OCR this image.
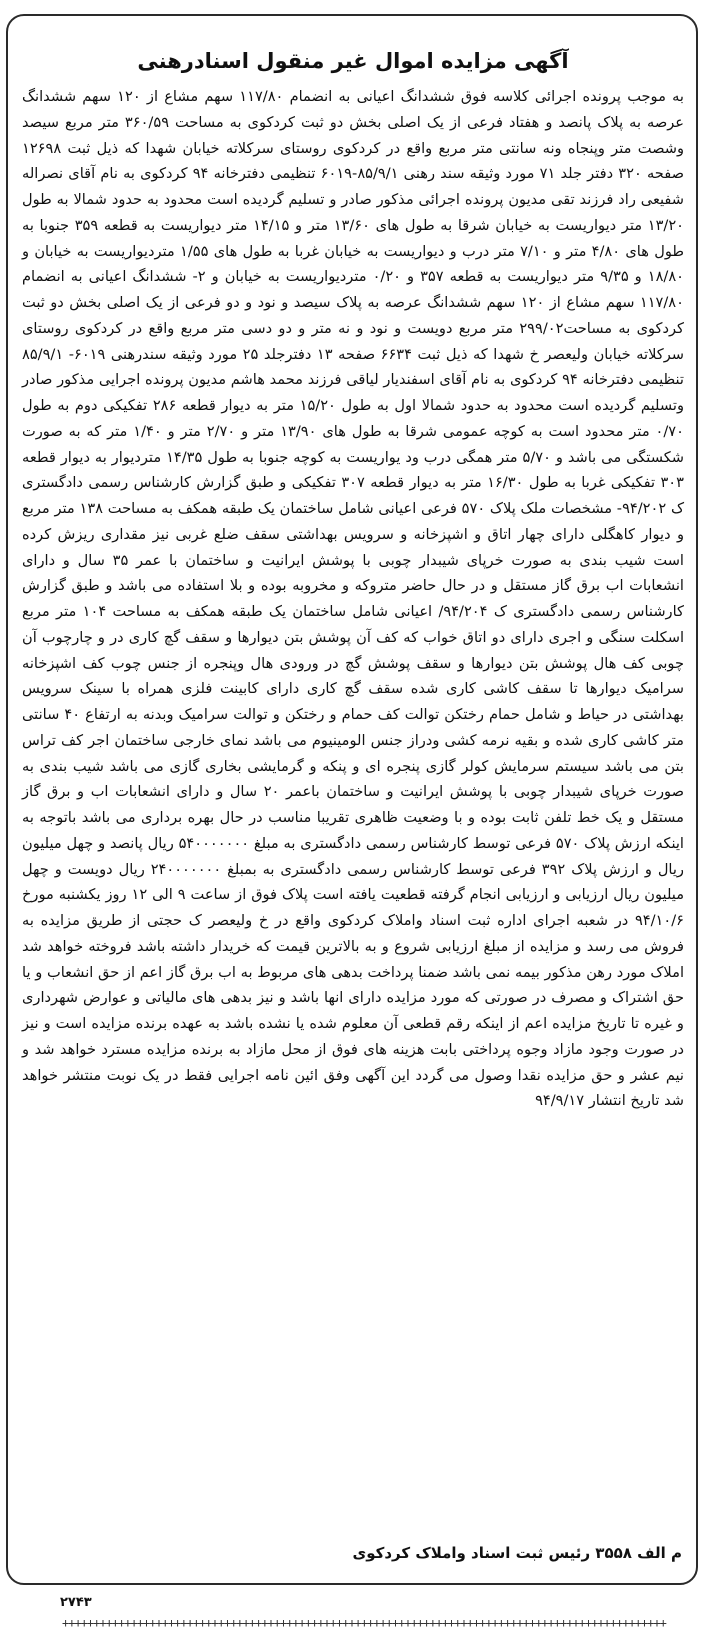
آگهی مزایده اموال غیر منقول اسنادرهنی

به موجب پرونده اجرائی کلاسه فوق ششدانگ اعیانی به انضمام ۱۱۷/۸۰ سهم مشاع از ۱۲۰ سهم ششدانگ عرصه به پلاک پانصد و هفتاد فرعی از یک اصلی بخش دو ثبت کردکوی به مساحت ۳۶۰/۵۹ متر مربع سیصد وشصت متر وپنجاه ونه سانتی متر مربع واقع در کردکوی روستای سرکلاته خیابان شهدا که ذیل ثبت ۱۲۶۹۸ صفحه ۳۲۰ دفتر جلد ۷۱ مورد وثیقه سند رهنی ۸۵/۹/۱-۶۰۱۹ تنظیمی دفترخانه ۹۴ کردکوی به نام آقای نصراله شفیعی راد فرزند تقی مدیون پرونده اجرائی مذکور صادر و تسلیم گردیده است محدود به حدود شمالا به طول ۱۳/۲۰ متر دیواریست به خیابان شرقا به طول های ۱۳/۶۰ متر و ۱۴/۱۵ متر دیواریست به قطعه ۳۵۹ جنوبا به طول های ۴/۸۰ متر و ۷/۱۰ متر درب و دیواریست به خیابان غربا به طول های ۱/۵۵ متردیواریست به خیابان و ۱۸/۸۰ و ۹/۳۵ متر دیواریست به قطعه ۳۵۷ و ۰/۲۰ متردیواریست به خیابان و ۲- ششدانگ اعیانی به انضمام ۱۱۷/۸۰ سهم مشاع از ۱۲۰ سهم ششدانگ عرصه به پلاک سیصد و نود و دو فرعی از یک اصلی بخش دو ثبت کردکوی به مساحت۲۹۹/۰۲ متر مربع دویست و نود و نه متر و دو دسی متر مربع واقع در کردکوی روستای سرکلاته خیابان ولیعصر خ شهدا که ذیل ثبت ۶۶۳۴ صفحه ۱۳ دفترجلد ۲۵ مورد وثیقه سندرهنی ۶۰۱۹- ۸۵/۹/۱ تنظیمی دفترخانه ۹۴ کردکوی به نام آقای اسفندیار لیاقی فرزند محمد هاشم مدیون پرونده اجرایی مذکور صادر وتسلیم گردیده است محدود به حدود شمالا اول به طول ۱۵/۲۰ متر به دیوار قطعه ۲۸۶ تفکیکی دوم به طول ۰/۷۰ متر محدود است به کوچه عمومی شرقا به طول های ۱۳/۹۰ متر و ۲/۷۰ متر و ۱/۴۰ متر که به صورت شکستگی می باشد و ۵/۷۰ متر همگی درب ود یواریست به کوچه جنوبا به طول ۱۴/۳۵ متردیوار به دیوار قطعه ۳۰۳ تفکیکی غربا به طول ۱۶/۳۰ متر به دیوار قطعه ۳۰۷ تفکیکی و طبق گزارش کارشناس رسمی دادگستری ک ۹۴/۲۰۲- مشخصات ملک پلاک ۵۷۰ فرعی اعیانی شامل ساختمان یک طبقه همکف به مساحت ۱۳۸ متر مربع و دیوار کاهگلی دارای چهار اتاق و اشپزخانه و سرویس بهداشتی سقف ضلع غربی نیز مقداری ریزش کرده است شیب بندی به صورت خرپای شیبدار چوبی با پوشش ایرانیت و ساختمان با عمر ۳۵ سال و دارای انشعابات اب برق گاز مستقل و در حال حاضر متروکه و مخروبه بوده و بلا استفاده می باشد و طبق گزارش کارشناس رسمی دادگستری ک ۹۴/۲۰۴/ اعیانی شامل ساختمان یک طبقه همکف به مساحت ۱۰۴ متر مربع اسکلت سنگی و اجری دارای دو اتاق خواب که کف آن پوشش بتن دیوارها و سقف گچ کاری در و چارچوب آن چوبی کف هال پوشش بتن دیوارها و سقف پوشش گچ در ورودی هال وپنجره از جنس چوب کف اشپزخانه سرامیک دیوارها تا سقف کاشی کاری شده سقف گچ کاری دارای کابینت فلزی همراه با سینک سرویس بهداشتی در حیاط و شامل حمام رختکن توالت کف حمام و رختکن و توالت سرامیک وبدنه به ارتفاع ۴۰ سانتی متر کاشی کاری شده و بقیه نرمه کشی ودراز جنس الومینیوم می باشد نمای خارجی ساختمان اجر کف تراس بتن می باشد سیستم سرمایش کولر گازی پنجره ای و پنکه و گرمایشی بخاری گازی می باشد شیب بندی به صورت خرپای شیبدار چوبی با پوشش ایرانیت و ساختمان باعمر ۲۰ سال و دارای انشعابات اب و برق گاز مستقل و یک خط تلفن ثابت بوده و با وضعیت ظاهری تقریبا مناسب در حال بهره برداری می باشد باتوجه به اینکه ارزش پلاک ۵۷۰ فرعی توسط کارشناس رسمی دادگستری به مبلغ ۵۴۰۰۰۰۰۰۰ ریال پانصد و چهل میلیون ریال و ارزش پلاک ۳۹۲ فرعی توسط کارشناس رسمی دادگستری به بمبلغ ۲۴۰۰۰۰۰۰۰ ریال دویست و چهل میلیون ریال ارزیابی و ارزیابی انجام گرفته قطعیت یافته است پلاک فوق از ساعت ۹ الی ۱۲ روز یکشنبه مورخ ۹۴/۱۰/۶ در شعبه اجرای اداره ثبت اسناد واملاک کردکوی واقع در خ ولیعصر ک حجتی از طریق مزایده به فروش می رسد و مزایده از مبلغ ارزیابی شروع و به بالاترین قیمت که خریدار داشته باشد فروخته خواهد شد املاک مورد رهن مذکور بیمه نمی باشد ضمنا پرداخت بدهی های مربوط به اب برق گاز اعم از حق انشعاب و یا حق اشتراک و مصرف در صورتی که مورد مزایده دارای انها باشد و نیز بدهی های مالیاتی و عوارض شهرداری و غیره تا تاریخ مزایده اعم از اینکه رقم قطعی آن معلوم شده یا نشده باشد به عهده برنده مزایده است و نیز در صورت وجود مازاد وجوه پرداختی بابت هزینه های فوق از محل مازاد به برنده مزایده مسترد خواهد شد و نیم عشر و حق مزایده نقدا وصول می گردد این آگهی وفق ائین نامه اجرایی فقط در یک نوبت منتشر خواهد شد تاریخ انتشار ۹۴/۹/۱۷

م الف ۳۵۵۸ رئیس ثبت اسناد واملاک کردکوی
۲۷۴۳
+++++++++++++++++++++++++++++++++++++++++++++++++++++++++++++++++++++++++++++++++++++++++++++++++
